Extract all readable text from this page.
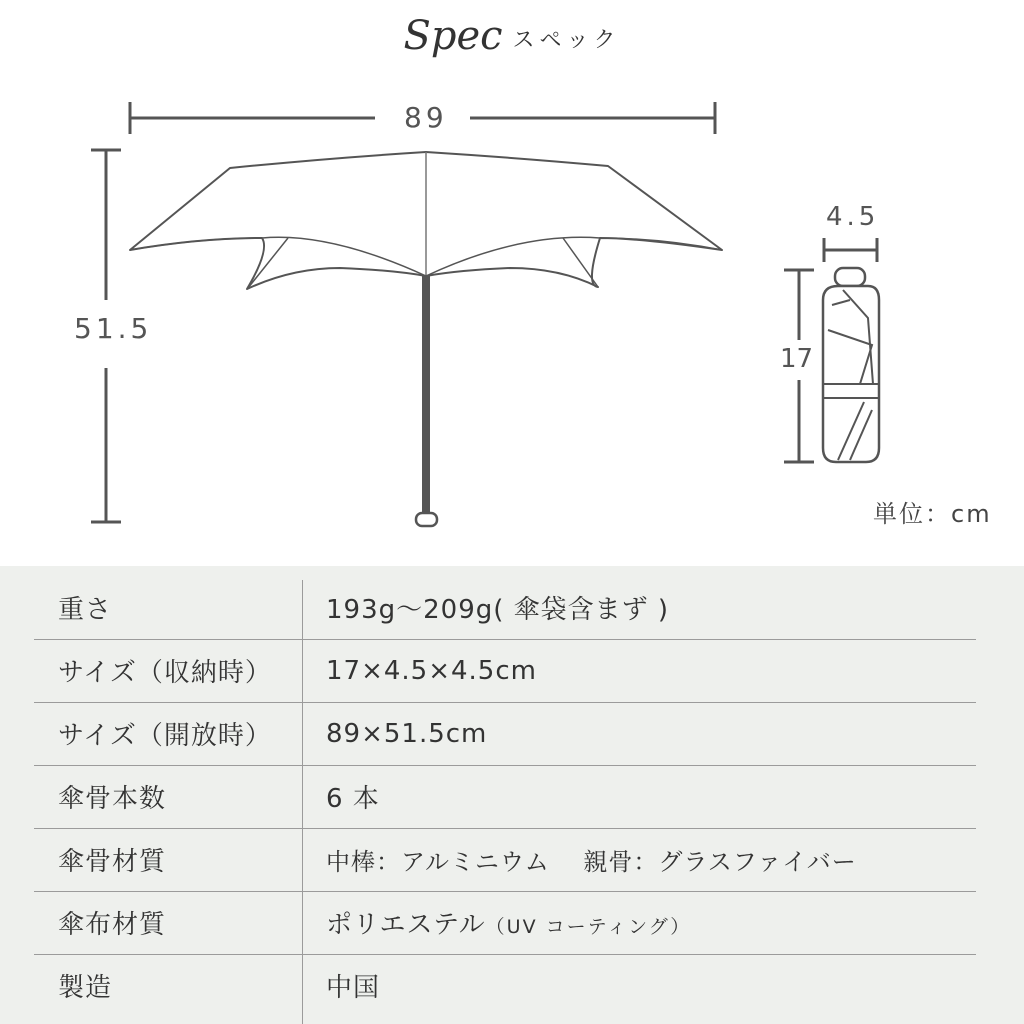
Spec スペック
89
51.5
4.5
17
単位：cm
重さ	193g～209g( 傘袋含まず )
サイズ（収納時）	17×4.5×4.5cm
サイズ（開放時）	89×51.5cm
傘骨本数	6 本
傘骨材質	中棒：アルミニウム　 親骨：グラスファイバー
傘布材質	ポリエステル（UV コーティング）
製造	中国
